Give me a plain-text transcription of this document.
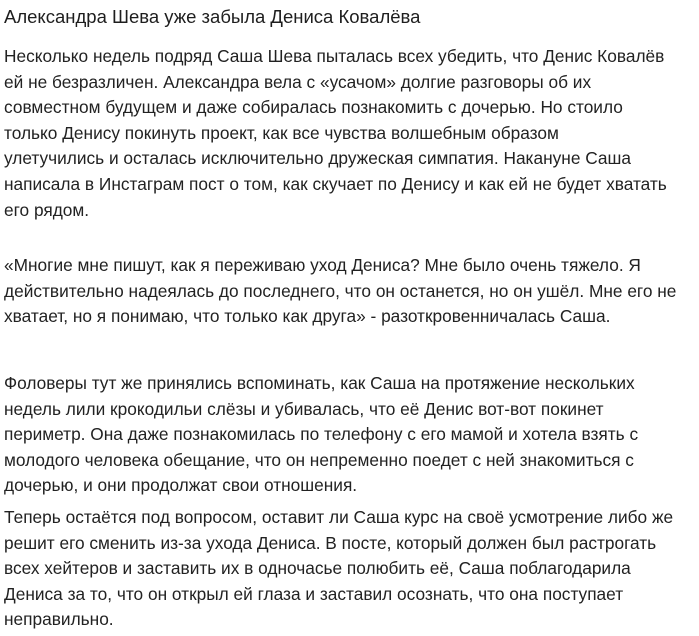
Александра Шева уже забыла Дениса Ковалёва

Несколько недель подряд Саша Шева пыталась всех убедить, что Денис Ковалёв
ей не безразличен. Александра вела с «усачом» долгие разговоры об их
совместном будущем и даже собиралась познакомить с дочерью. Но стоило
только Денису покинуть проект, как все чувства волшебным образом
улетучились и осталась исключительно дружеская симпатия. Накануне Саша
написала в Инстаграм пост о том, как скучает по Денису и как ей не будет хватать
его рядом.

«Многие мне пишут, как я переживаю уход Дениса? Мне было очень тяжело. Я
действительно надеялась до последнего, что он останется, но он ушёл. Мне его не
хватает, но я понимаю, что только как друга» - разоткровенничалась Саша.

Фоловеры тут же принялись вспоминать, как Саша на протяжение нескольких
недель лили крокодильи слёзы и убивалась, что её Денис вот-вот покинет
периметр. Она даже познакомилась по телефону с его мамой и хотела взять с
молодого человека обещание, что он непременно поедет с ней знакомиться с
дочерью, и они продолжат свои отношения.

Теперь остаётся под вопросом, оставит ли Саша курс на своё усмотрение либо же
решит его сменить из-за ухода Дениса. В посте, который должен был растрогать
всех хейтеров и заставить их в одночасье полюбить её, Саша поблагодарила
Дениса за то, что он открыл ей глаза и заставил осознать, что она поступает
неправильно.
